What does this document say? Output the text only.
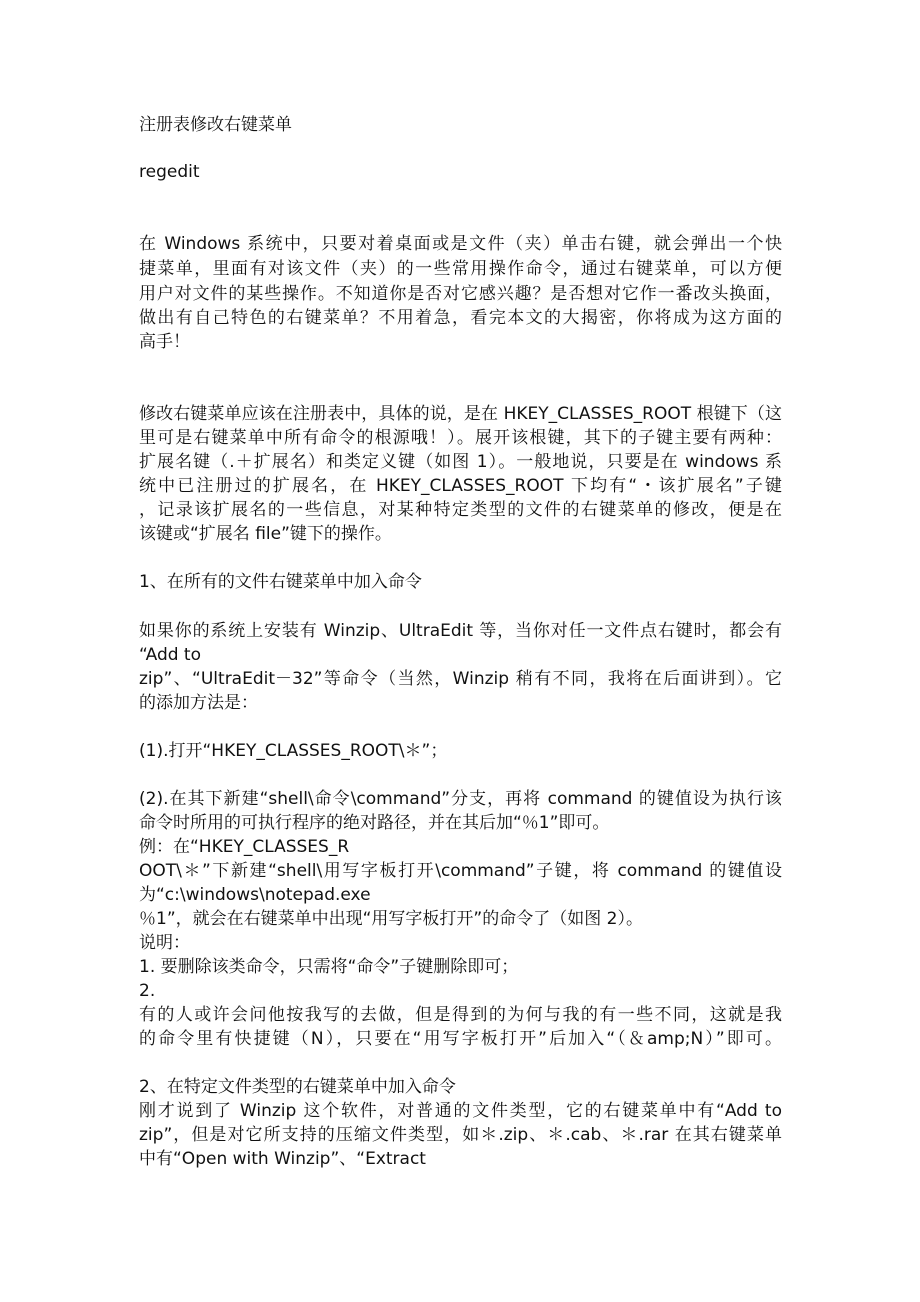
注册表修改右键菜单
regedit
在 Windows 系统中，只要对着桌面或是文件（夹）单击右键，就会弹出一个快
捷菜单，里面有对该文件（夹）的一些常用操作命令，通过右键菜单，可以方便
用户对文件的某些操作。不知道你是否对它感兴趣？是否想对它作一番改头换面，
做出有自己特色的右键菜单？不用着急，看完本文的大揭密，你将成为这方面的
高手！
修改右键菜单应该在注册表中，具体的说，是在 HKEY_CLASSES_ROOT 根键下（这
里可是右键菜单中所有命令的根源哦！）。展开该根键，其下的子键主要有两种：
扩展名键（.＋扩展名）和类定义键（如图 1）。一般地说，只要是在 windows 系
统中已注册过的扩展名，在 HKEY_CLASSES_ROOT 下均有“・该扩展名”子键
，记录该扩展名的一些信息，对某种特定类型的文件的右键菜单的修改，便是在
该键或“扩展名 file”键下的操作。
1、在所有的文件右键菜单中加入命令
如果你的系统上安装有 Winzip、UltraEdit 等，当你对任一文件点右键时，都会有
“Add to
zip”、“UltraEdit－32”等命令（当然，Winzip 稍有不同，我将在后面讲到）。它
的添加方法是：
(1).打开“HKEY_CLASSES_ROOT\＊”；
(2).在其下新建“shell\命令\command”分支，再将 command 的键值设为执行该
命令时所用的可执行程序的绝对路径，并在其后加“％1”即可。
例：在“HKEY_CLASSES_R
OOT\＊”下新建“shell\用写字板打开\command”子键，将 command 的键值设
为“c:\windows\notepad.exe
％1”，就会在右键菜单中出现“用写字板打开”的命令了（如图 2）。
说明：
1. 要删除该类命令，只需将“命令”子键删除即可；
2.
有的人或许会问他按我写的去做，但是得到的为何与我的有一些不同，这就是我
的命令里有快捷键（N），只要在“用写字板打开”后加入“（＆amp;N）”即可。
2、在特定文件类型的右键菜单中加入命令
刚才说到了 Winzip 这个软件，对普通的文件类型，它的右键菜单中有“Add to
zip”，但是对它所支持的压缩文件类型，如＊.zip、＊.cab、＊.rar 在其右键菜单
中有“Open with Winzip”、“Extract
